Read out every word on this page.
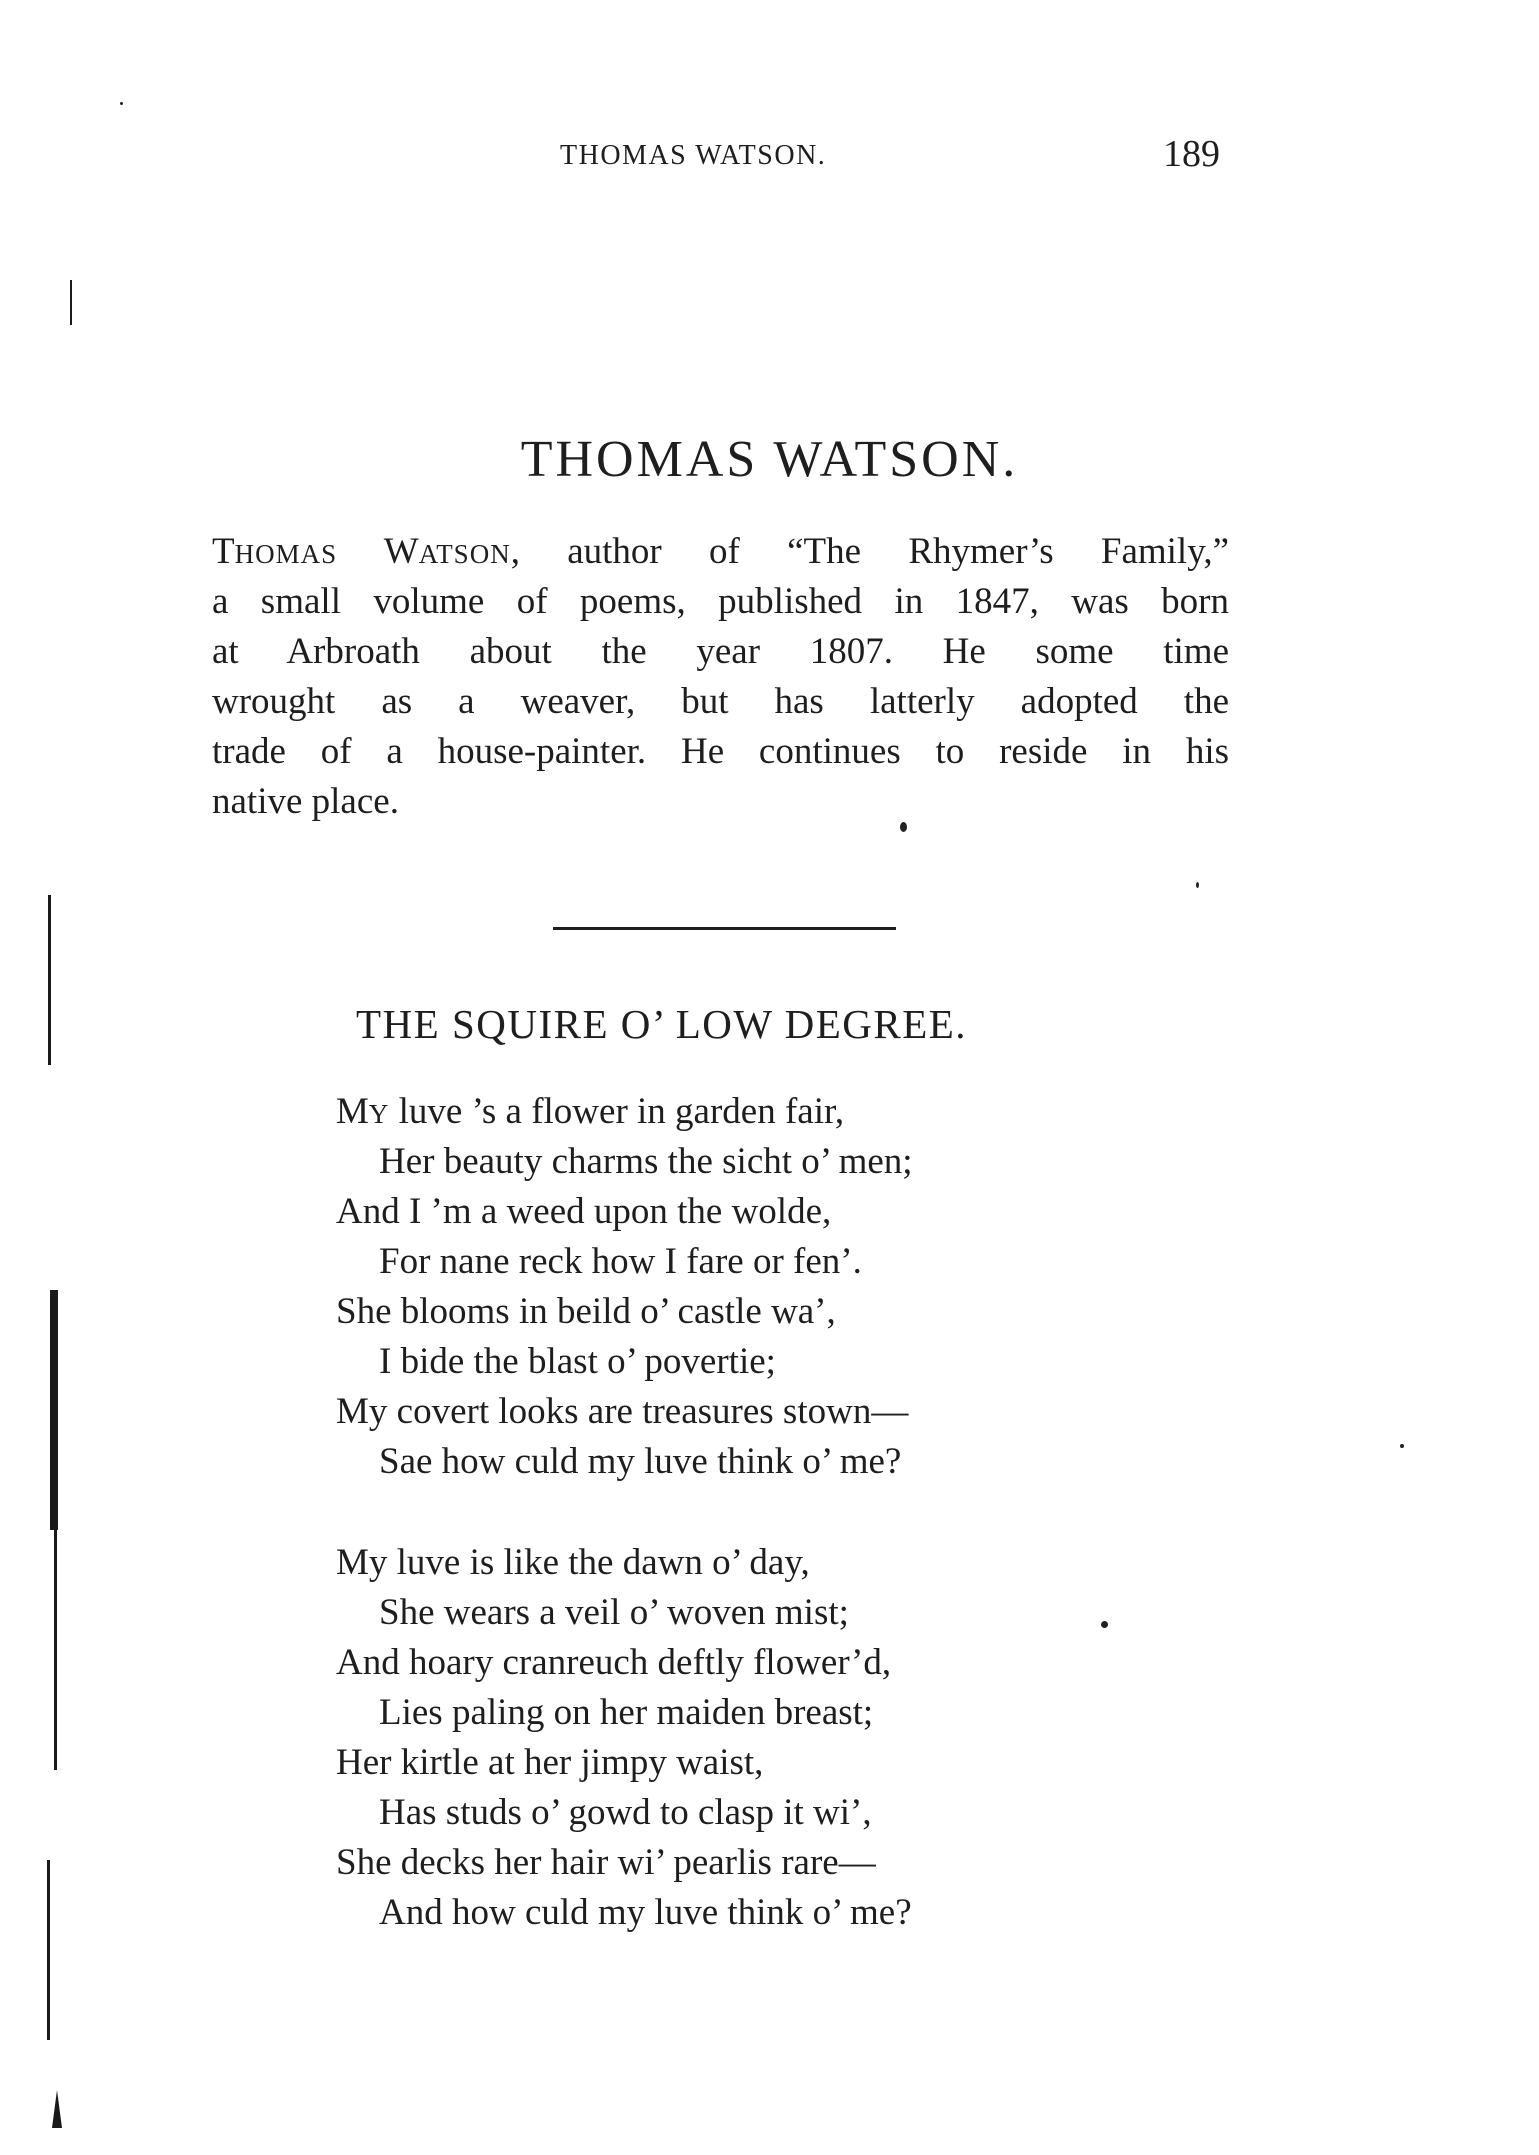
THOMAS WATSON.	189
THOMAS WATSON.
THOMAS WATSON, author of “The Rhymer’s Family,”
a small volume of poems, published in 1847, was born
at Arbroath about the year 1807. He some time
wrought as a weaver, but has latterly adopted the
trade of a house-painter. He continues to reside in his
native place.
THE SQUIRE O’ LOW DEGREE.
MY luve ’s a flower in garden fair,
Her beauty charms the sicht o’ men;
And I ’m a weed upon the wolde,
For nane reck how I fare or fen’.
She blooms in beild o’ castle wa’,
I bide the blast o’ povertie;
My covert looks are treasures stown—
Sae how culd my luve think o’ me?
My luve is like the dawn o’ day,
She wears a veil o’ woven mist;
And hoary cranreuch deftly flower’d,
Lies paling on her maiden breast;
Her kirtle at her jimpy waist,
Has studs o’ gowd to clasp it wi’,
She decks her hair wi’ pearlis rare—
And how culd my luve think o’ me?
